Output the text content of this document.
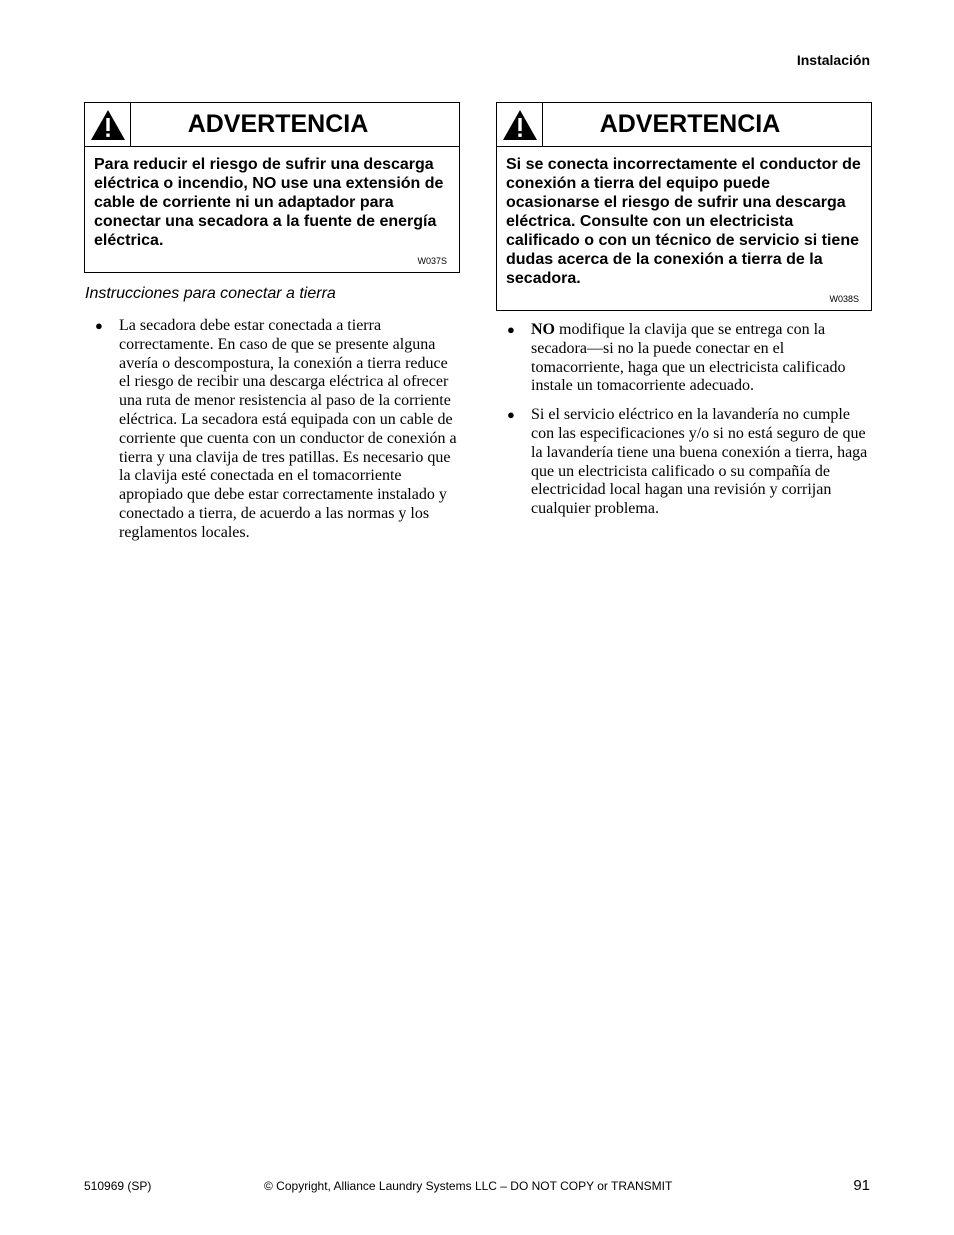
Instalación
ADVERTENCIA
Para reducir el riesgo de sufrir una descarga eléctrica o incendio, NO use una extensión de cable de corriente ni un adaptador para conectar una secadora a la fuente de energía eléctrica.
W037S
Instrucciones para conectar a tierra
● La secadora debe estar conectada a tierra correctamente. En caso de que se presente alguna avería o descompostura, la conexión a tierra reduce el riesgo de recibir una descarga eléctrica al ofrecer una ruta de menor resistencia al paso de la corriente eléctrica. La secadora está equipada con un cable de corriente que cuenta con un conductor de conexión a tierra y una clavija de tres patillas. Es necesario que la clavija esté conectada en el tomacorriente apropiado que debe estar correctamente instalado y conectado a tierra, de acuerdo a las normas y los reglamentos locales.
ADVERTENCIA
Si se conecta incorrectamente el conductor de conexión a tierra del equipo puede ocasionarse el riesgo de sufrir una descarga eléctrica. Consulte con un electricista calificado o con un técnico de servicio si tiene dudas acerca de la conexión a tierra de la secadora.
W038S
● NO modifique la clavija que se entrega con la secadora—si no la puede conectar en el tomacorriente, haga que un electricista calificado instale un tomacorriente adecuado.
● Si el servicio eléctrico en la lavandería no cumple con las especificaciones y/o si no está seguro de que la lavandería tiene una buena conexión a tierra, haga que un electricista calificado o su compañía de electricidad local hagan una revisión y corrijan cualquier problema.
510969 (SP)	© Copyright, Alliance Laundry Systems LLC – DO NOT COPY or TRANSMIT	91
